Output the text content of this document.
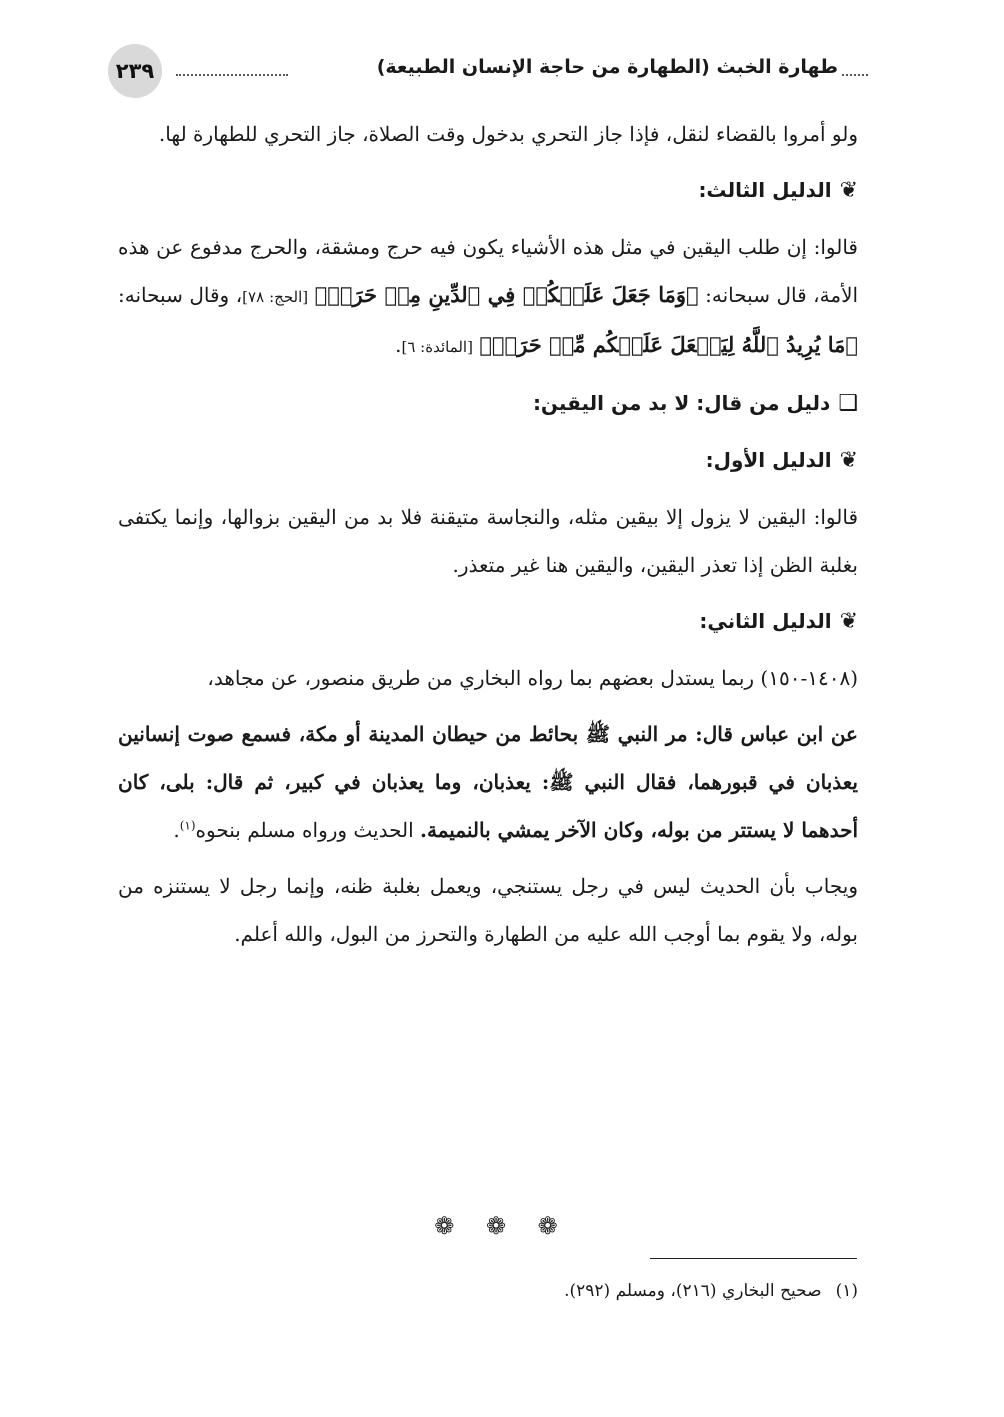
طهارة الخبث (الطهارة من حاجة الإنسان الطبيعة)
٢٣٩

ولو أمروا بالقضاء لنقل، فإذا جاز التحري بدخول وقت الصلاة، جاز التحري للطهارة لها.

❦الدليل الثالث:

قالوا: إن طلب اليقين في مثل هذه الأشياء يكون فيه حرج ومشقة، والحرج مدفوع عن هذه الأمة، قال سبحانه: ﴿وَمَا جَعَلَ عَلَيۡكُمۡ فِي ٱلدِّينِ مِنۡ حَرَجٖ﴾ [الحج: ٧٨]، وقال سبحانه: ﴿مَا يُرِيدُ ٱللَّهُ لِيَجۡعَلَ عَلَيۡكُم مِّنۡ حَرَجٖ﴾ [المائدة: ٦].

❑دليل من قال: لا بد من اليقين:

❦الدليل الأول:

قالوا: اليقين لا يزول إلا بيقين مثله، والنجاسة متيقنة فلا بد من اليقين بزوالها، وإنما يكتفى بغلبة الظن إذا تعذر اليقين، واليقين هنا غير متعذر.

❦الدليل الثاني:

(١٤٠٨-١٥٠) ربما يستدل بعضهم بما رواه البخاري من طريق منصور، عن مجاهد،

عن ابن عباس قال: مر النبي ﷺ بحائط من حيطان المدينة أو مكة، فسمع صوت إنسانين يعذبان في قبورهما، فقال النبي ﷺ: يعذبان، وما يعذبان في كبير، ثم قال: بلى، كان أحدهما لا يستتر من بوله، وكان الآخر يمشي بالنميمة. الحديث ورواه مسلم بنحوه$^{(١)}$.

ويجاب بأن الحديث ليس في رجل يستنجي، ويعمل بغلبة ظنه، وإنما رجل لا يستنزه من بوله، ولا يقوم بما أوجب الله عليه من الطهارة والتحرز من البول، والله أعلم.

❁ ❁ ❁
(١)صحيح البخاري (٢١٦)، ومسلم (٢٩٢).
